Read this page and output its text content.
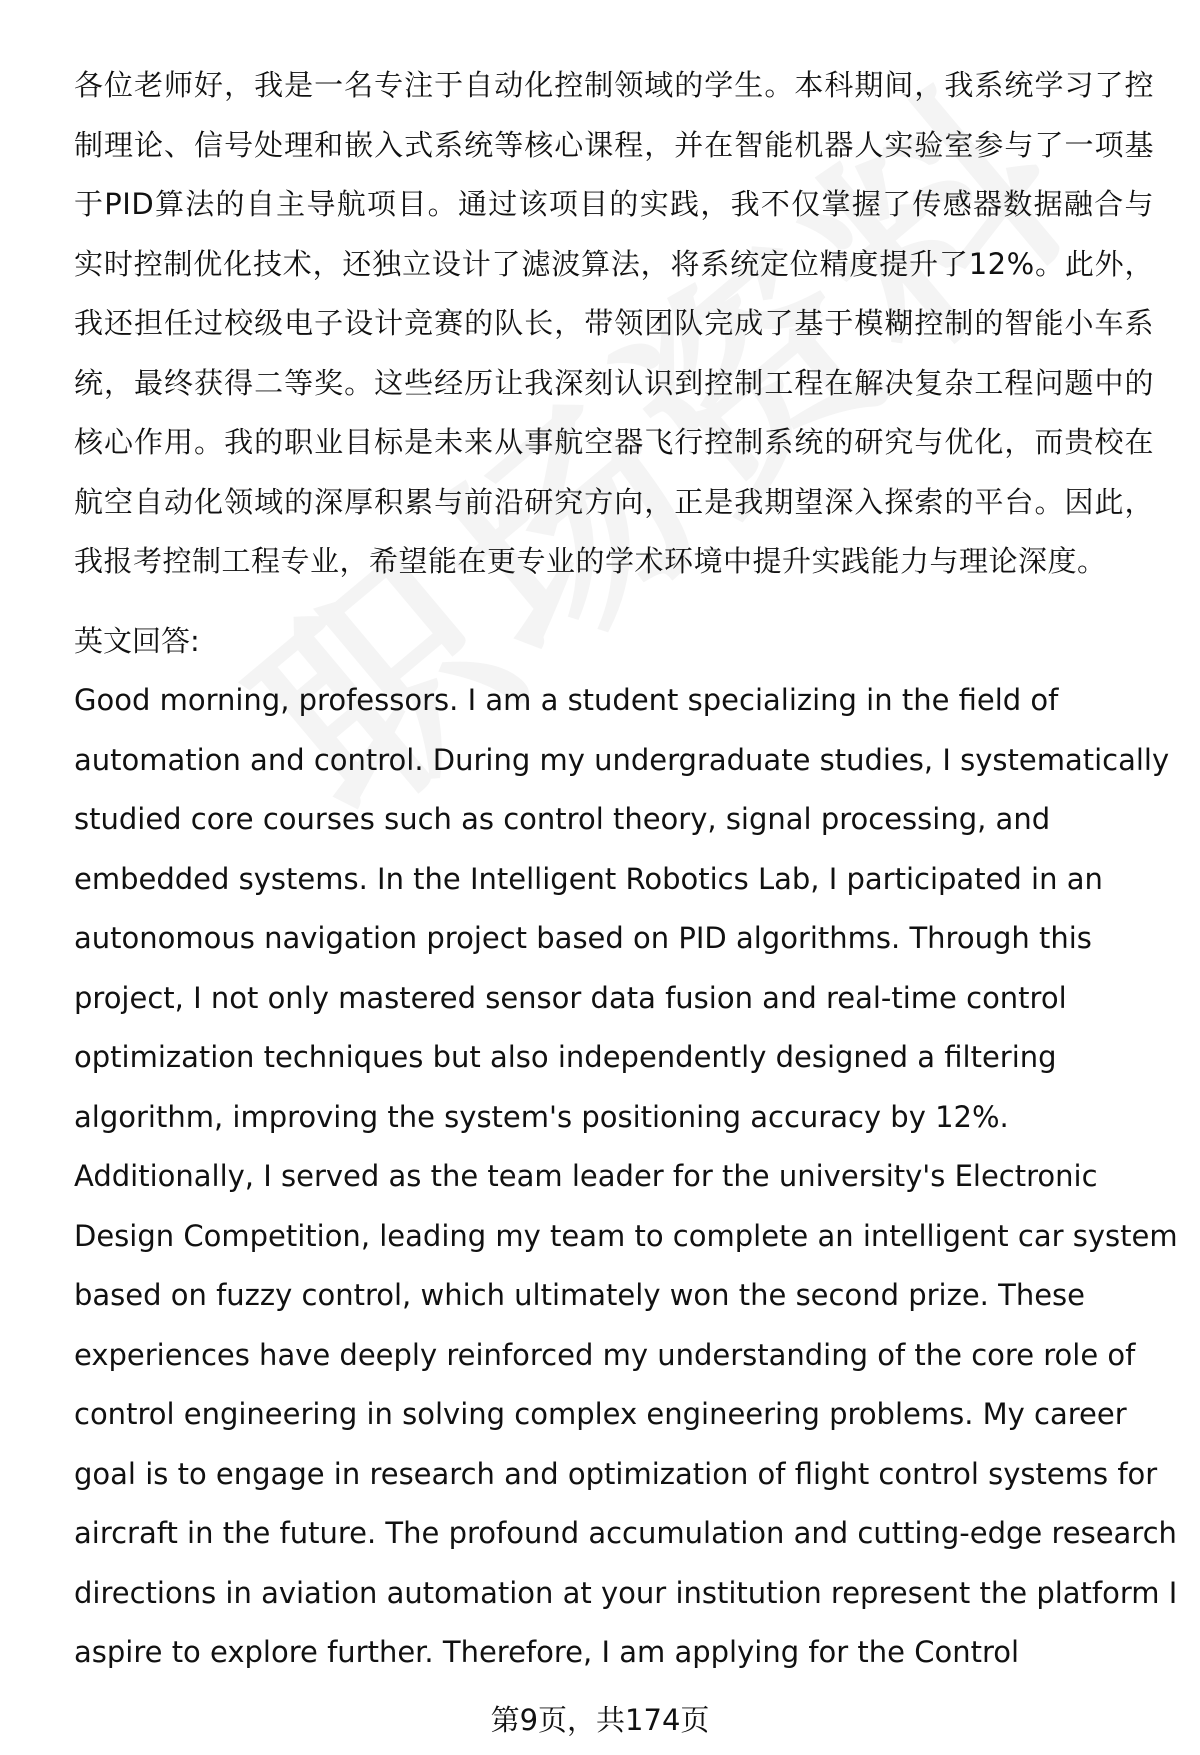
各位老师好，我是一名专注于自动化控制领域的学生。本科期间，我系统学习了控制理论、信号处理和嵌入式系统等核心课程，并在智能机器人实验室参与了一项基于PID算法的自主导航项目。通过该项目的实践，我不仅掌握了传感器数据融合与实时控制优化技术，还独立设计了滤波算法，将系统定位精度提升了12%。此外，我还担任过校级电子设计竞赛的队长，带领团队完成了基于模糊控制的智能小车系统，最终获得二等奖。这些经历让我深刻认识到控制工程在解决复杂工程问题中的核心作用。我的职业目标是未来从事航空器飞行控制系统的研究与优化，而贵校在航空自动化领域的深厚积累与前沿研究方向，正是我期望深入探索的平台。因此，我报考控制工程专业，希望能在更专业的学术环境中提升实践能力与理论深度。

英文回答:

Good morning, professors. I am a student specializing in the field of
automation and control. During my undergraduate studies, I systematically
studied core courses such as control theory, signal processing, and
embedded systems. In the Intelligent Robotics Lab, I participated in an
autonomous navigation project based on PID algorithms. Through this
project, I not only mastered sensor data fusion and real-time control
optimization techniques but also independently designed a filtering
algorithm, improving the system's positioning accuracy by 12%.
Additionally, I served as the team leader for the university's Electronic
Design Competition, leading my team to complete an intelligent car system
based on fuzzy control, which ultimately won the second prize. These
experiences have deeply reinforced my understanding of the core role of
control engineering in solving complex engineering problems. My career
goal is to engage in research and optimization of flight control systems for
aircraft in the future. The profound accumulation and cutting-edge research
directions in aviation automation at your institution represent the platform I
aspire to explore further. Therefore, I am applying for the Control

第9页，共174页
